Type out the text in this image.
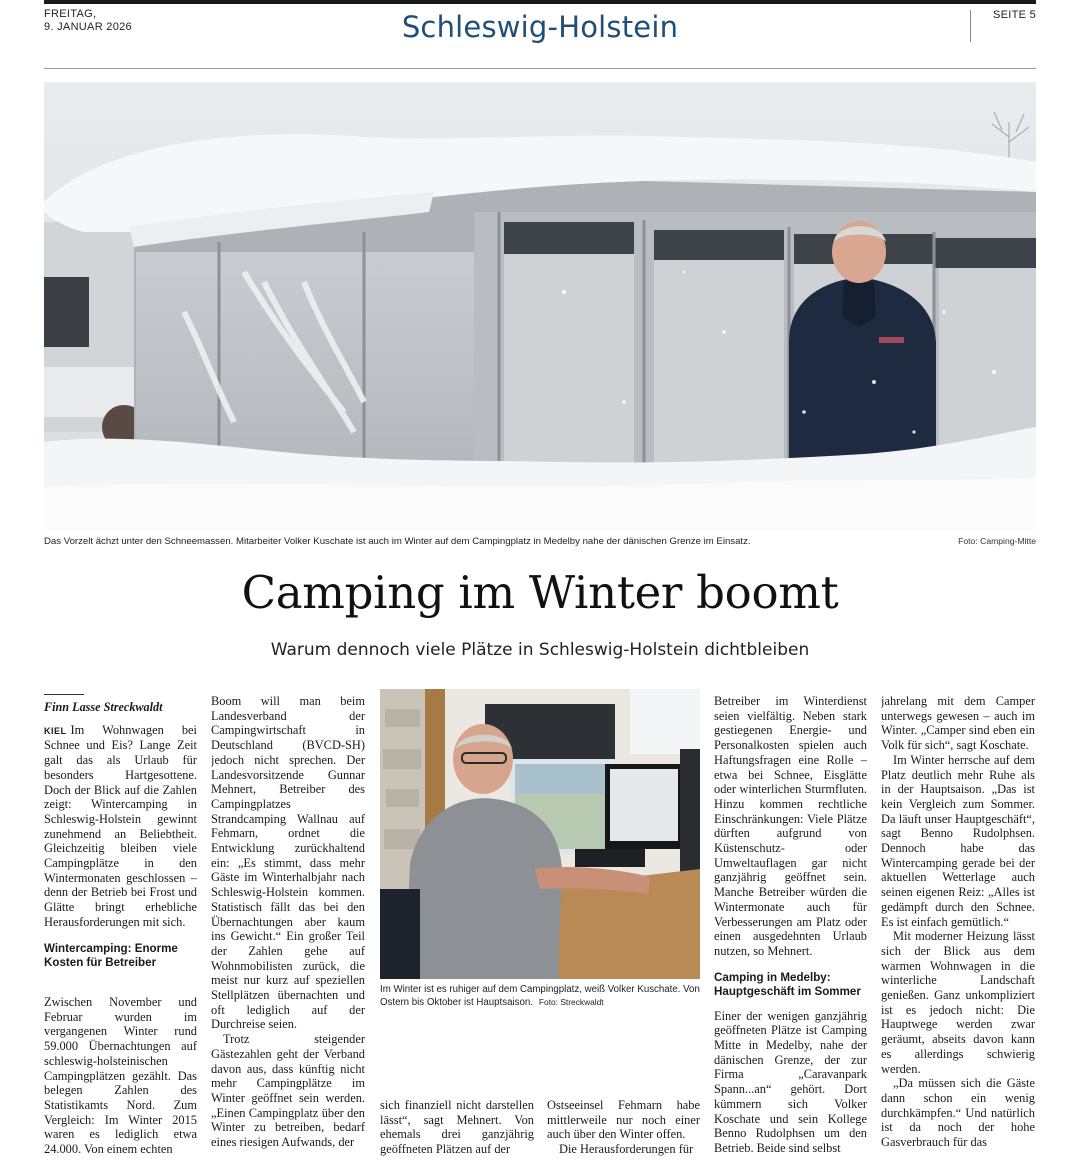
FREITAG,
9. JANUAR 2026	Schleswig-Holstein	SEITE 5
Das Vorzelt ächzt unter den Schneemassen. Mitarbeiter Volker Kuschate ist auch im Winter auf dem Campingplatz in Medelby nahe der dänischen Grenze im Einsatz.	Foto: Camping-Mitte
Camping im Winter boomt
Warum dennoch viele Plätze in Schleswig-Holstein dichtbleiben
Finn Lasse Streckwaldt

KIEL Im Wohnwagen bei Schnee und Eis? Lange Zeit galt das als Urlaub für besonders Hartgesottene. Doch der Blick auf die Zahlen zeigt: Wintercamping in Schleswig-Holstein gewinnt zunehmend an Beliebtheit. Gleichzeitig bleiben viele Campingplätze in den Wintermonaten geschlossen – denn der Betrieb bei Frost und Glätte bringt erhebliche Herausforderungen mit sich.

Wintercamping: Enorme Kosten für Betreiber

Zwischen November und Februar wurden im vergangenen Winter rund 59.000 Übernachtungen auf schleswig-holsteinischen Campingplätzen gezählt. Das belegen Zahlen des Statistikamts Nord. Zum Vergleich: Im Winter 2015 waren es lediglich etwa 24.000. Von einem echten

Boom will man beim Landesverband der Campingwirtschaft in Deutschland (BVCD-SH) jedoch nicht sprechen. Der Landesvorsitzende Gunnar Mehnert, Betreiber des Campingplatzes Strandcamping Wallnau auf Fehmarn, ordnet die Entwicklung zurückhaltend ein: „Es stimmt, dass mehr Gäste im Winterhalbjahr nach Schleswig-Holstein kommen. Statistisch fällt das bei den Übernachtungen aber kaum ins Gewicht.“ Ein großer Teil der Zahlen gehe auf Wohnmobilisten zurück, die meist nur kurz auf speziellen Stellplätzen übernachten und oft lediglich auf der Durchreise seien.

Trotz steigender Gästezahlen geht der Verband davon aus, dass künftig nicht mehr Campingplätze im Winter geöffnet sein werden. „Einen Campingplatz über den Winter zu betreiben, bedarf eines riesigen Aufwands, der

Im Winter ist es ruhiger auf dem Campingplatz, weiß Volker Kuschate. Von Ostern bis Oktober ist Hauptsaison. Foto: Streckwaldt

sich finanziell nicht darstellen lässt“, sagt Mehnert. Von ehemals drei ganzjährig geöffneten Plätzen auf der

Ostseeinsel Fehmarn habe mittlerweile nur noch einer auch über den Winter offen.

Die Herausforderungen für

Betreiber im Winterdienst seien vielfältig. Neben stark gestiegenen Energie- und Personalkosten spielen auch Haftungsfragen eine Rolle – etwa bei Schnee, Eisglätte oder winterlichen Sturmfluten. Hinzu kommen rechtliche Einschränkungen: Viele Plätze dürften aufgrund von Küstenschutz- oder Umweltauflagen gar nicht ganzjährig geöffnet sein. Manche Betreiber würden die Wintermonate auch für Verbesserungen am Platz oder einen ausgedehnten Urlaub nutzen, so Mehnert.

Camping in Medelby: Hauptgeschäft im Sommer

Einer der wenigen ganzjährig geöffneten Plätze ist Camping Mitte in Medelby, nahe der dänischen Grenze, der zur Firma „Caravanpark Spann...an“ gehört. Dort kümmern sich Volker Koschate und sein Kollege Benno Rudolphsen um den Betrieb. Beide sind selbst

jahrelang mit dem Camper unterwegs gewesen – auch im Winter. „Camper sind eben ein Volk für sich“, sagt Koschate.

Im Winter herrsche auf dem Platz deutlich mehr Ruhe als in der Hauptsaison. „Das ist kein Vergleich zum Sommer. Da läuft unser Hauptgeschäft“, sagt Benno Rudolphsen. Dennoch habe das Wintercamping gerade bei der aktuellen Wetterlage auch seinen eigenen Reiz: „Alles ist gedämpft durch den Schnee. Es ist einfach gemütlich.“

Mit moderner Heizung lässt sich der Blick aus dem warmen Wohnwagen in die winterliche Landschaft genießen. Ganz unkompliziert ist es jedoch nicht: Die Hauptwege werden zwar geräumt, abseits davon kann es allerdings schwierig werden.

„Da müssen sich die Gäste dann schon ein wenig durchkämpfen.“ Und natürlich ist da noch der hohe Gasverbrauch für das
